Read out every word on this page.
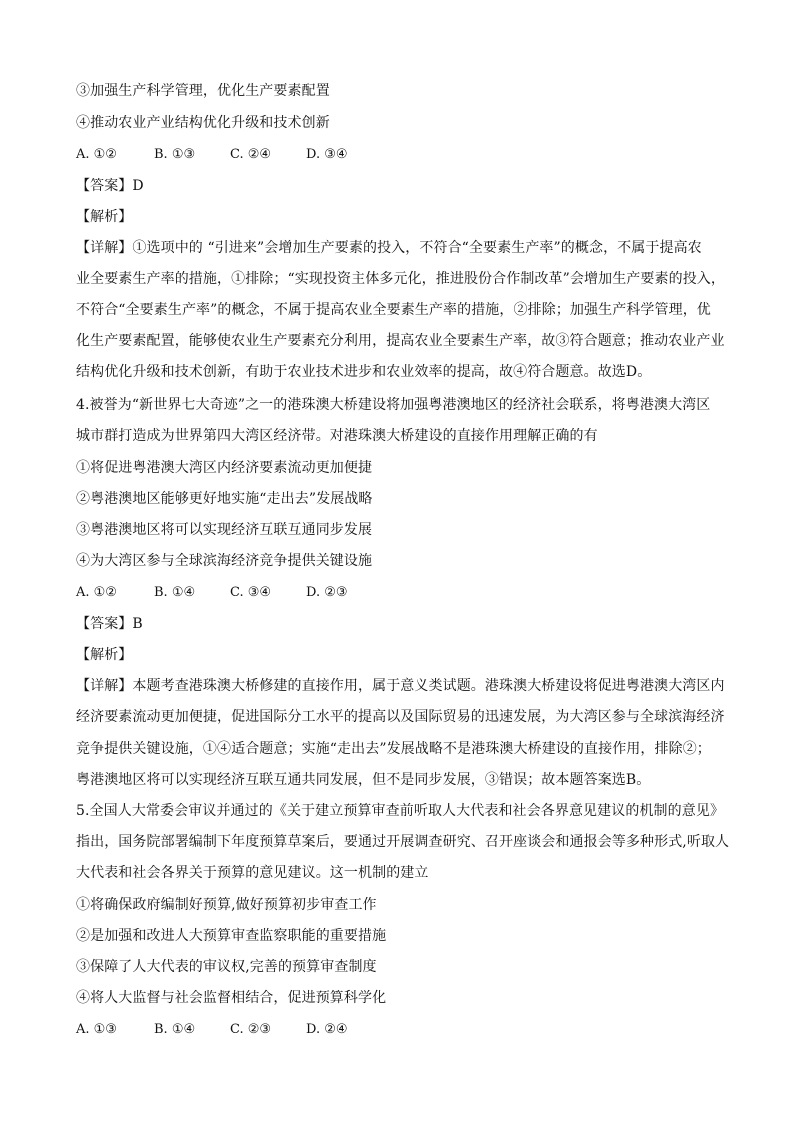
③加强生产科学管理，优化生产要素配置
④推动农业产业结构优化升级和技术创新
A. ①②	B. ①③	C. ②④	D. ③④
【答案】D
【解析】
【详解】①选项中的 “引进来”会增加生产要素的投入，不符合“全要素生产率”的概念，不属于提高农
业全要素生产率的措施，①排除；“实现投资主体多元化，推进股份合作制改革”会增加生产要素的投入，
不符合“全要素生产率”的概念，不属于提高农业全要素生产率的措施，②排除；加强生产科学管理，优
化生产要素配置，能够使农业生产要素充分利用，提高农业全要素生产率，故③符合题意；推动农业产业
结构优化升级和技术创新，有助于农业技术进步和农业效率的提高，故④符合题意。故选D。
4.被誉为“新世界七大奇迹”之一的港珠澳大桥建设将加强粤港澳地区的经济社会联系，将粤港澳大湾区
城市群打造成为世界第四大湾区经济带。对港珠澳大桥建设的直接作用理解正确的有
①将促进粤港澳大湾区内经济要素流动更加便捷
②粤港澳地区能够更好地实施“走出去”发展战略
③粤港澳地区将可以实现经济互联互通同步发展
④为大湾区参与全球滨海经济竞争提供关键设施
A. ①②	B. ①④	C. ③④	D. ②③
【答案】B
【解析】
【详解】本题考查港珠澳大桥修建的直接作用，属于意义类试题。港珠澳大桥建设将促进粤港澳大湾区内
经济要素流动更加便捷，促进国际分工水平的提高以及国际贸易的迅速发展，为大湾区参与全球滨海经济
竞争提供关键设施，①④适合题意；实施“走出去”发展战略不是港珠澳大桥建设的直接作用，排除②；
粤港澳地区将可以实现经济互联互通共同发展，但不是同步发展，③错误；故本题答案选B。
5.全国人大常委会审议并通过的《关于建立预算审查前听取人大代表和社会各界意见建议的机制的意见》
指出，国务院部署编制下年度预算草案后，要通过开展调查研究、召开座谈会和通报会等多种形式,听取人
大代表和社会各界关于预算的意见建议。这一机制的建立
①将确保政府编制好预算,做好预算初步审查工作
②是加强和改进人大预算审查监察职能的重要措施
③保障了人大代表的审议权,完善的预算审查制度
④将人大监督与社会监督相结合，促进预算科学化
A. ①③	B. ①④	C. ②③	D. ②④
